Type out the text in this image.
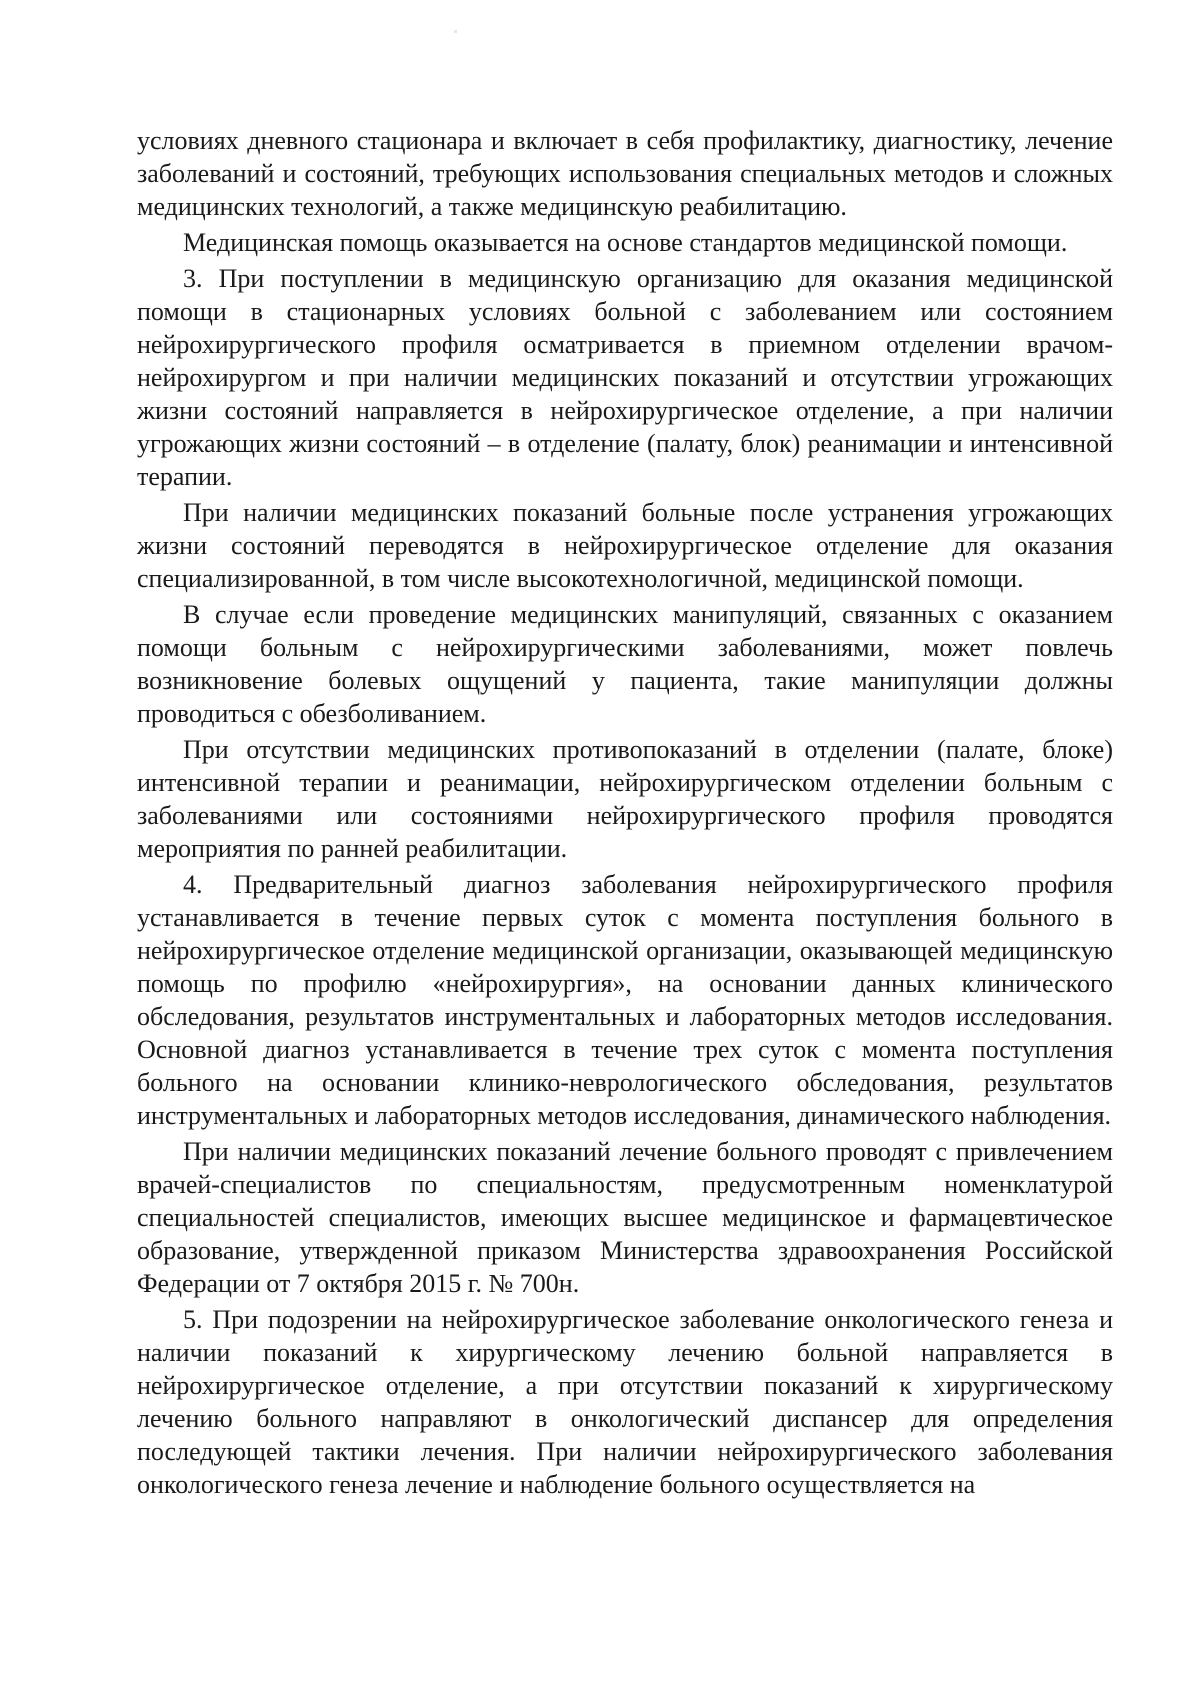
условиях дневного стационара и включает в себя профилактику, диагностику, лечение заболеваний и состояний, требующих использования специальных методов и сложных медицинских технологий, а также медицинскую реабилитацию.

Медицинская помощь оказывается на основе стандартов медицинской помощи.

3. При поступлении в медицинскую организацию для оказания медицинской помощи в стационарных условиях больной с заболеванием или состоянием нейрохирургического профиля осматривается в приемном отделении врачом-нейрохирургом и при наличии медицинских показаний и отсутствии угрожающих жизни состояний направляется в нейрохирургическое отделение, а при наличии угрожающих жизни состояний – в отделение (палату, блок) реанимации и интенсивной терапии.

При наличии медицинских показаний больные после устранения угрожающих жизни состояний переводятся в нейрохирургическое отделение для оказания специализированной, в том числе высокотехнологичной, медицинской помощи.

В случае если проведение медицинских манипуляций, связанных с оказанием помощи больным с нейрохирургическими заболеваниями, может повлечь возникновение болевых ощущений у пациента, такие манипуляции должны проводиться с обезболиванием.

При отсутствии медицинских противопоказаний в отделении (палате, блоке) интенсивной терапии и реанимации, нейрохирургическом отделении больным с заболеваниями или состояниями нейрохирургического профиля проводятся мероприятия по ранней реабилитации.

4. Предварительный диагноз заболевания нейрохирургического профиля устанавливается в течение первых суток с момента поступления больного в нейрохирургическое отделение медицинской организации, оказывающей медицинскую помощь по профилю «нейрохирургия», на основании данных клинического обследования, результатов инструментальных и лабораторных методов исследования. Основной диагноз устанавливается в течение трех суток с момента поступления больного на основании клинико-неврологического обследования, результатов инструментальных и лабораторных методов исследования, динамического наблюдения.

При наличии медицинских показаний лечение больного проводят с привлечением врачей-специалистов по специальностям, предусмотренным номенклатурой специальностей специалистов, имеющих высшее медицинское и фармацевтическое образование, утвержденной приказом Министерства здравоохранения Российской Федерации от 7 октября 2015 г. № 700н.

5. При подозрении на нейрохирургическое заболевание онкологического генеза и наличии показаний к хирургическому лечению больной направляется в нейрохирургическое отделение, а при отсутствии показаний к хирургическому лечению больного направляют в онкологический диспансер для определения последующей тактики лечения. При наличии нейрохирургического заболевания онкологического генеза лечение и наблюдение больного осуществляется на
